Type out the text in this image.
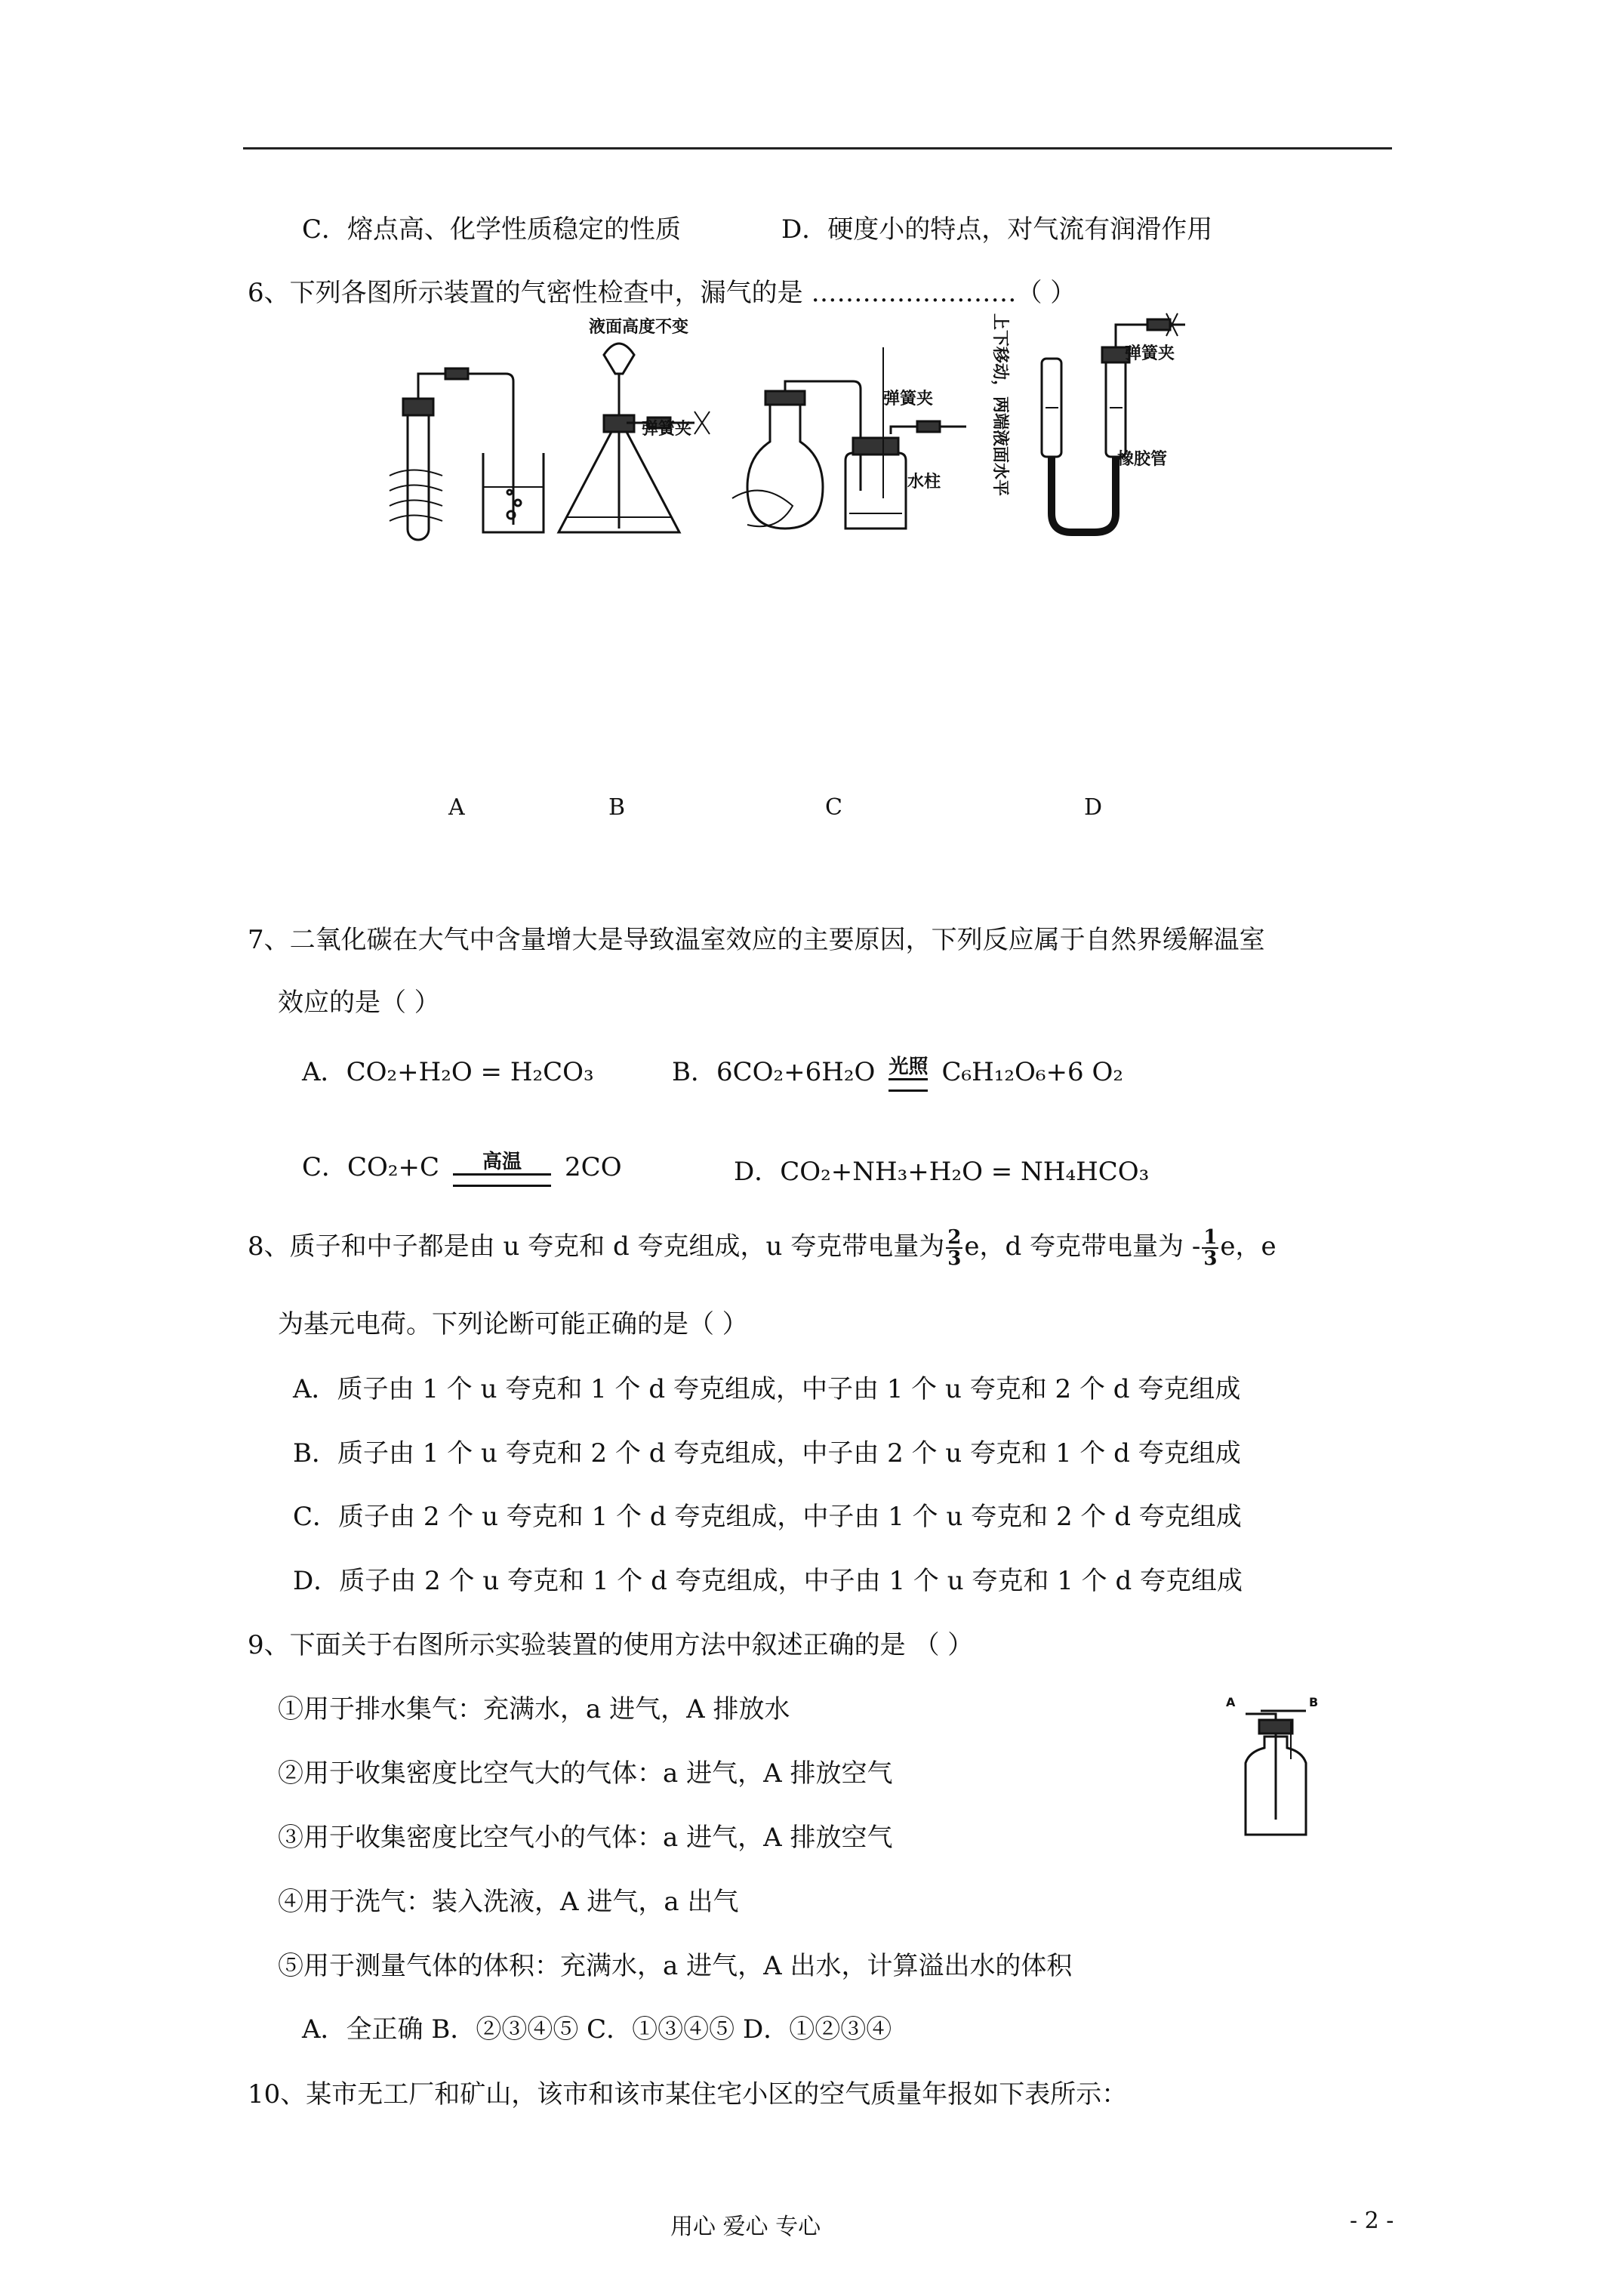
C．熔点高、化学性质稳定的性质	D．硬度小的特点，对气流有润滑作用
6、下列各图所示装置的气密性检查中，漏气的是 ……………………（ ）
液面高度不变
弹簧夹
弹簧夹
水柱
弹簧夹
橡胶管
上下移动，两端液面水平
A	B	C	D
7、二氧化碳在大气中含量增大是导致温室效应的主要原因，下列反应属于自然界缓解温室
效应的是（ ）
A．CO₂+H₂O = H₂CO₃	B．6CO₂+6H₂O 光照 C₆H₁₂O₆+6 O₂
C．CO₂+C	高温	2CO	D．CO₂+NH₃+H₂O = NH₄HCO₃
8、质子和中子都是由 u 夸克和 d 夸克组成，u 夸克带电量为 $\frac{2}{3}$ e，d 夸克带电量为 - $\frac{1}{3}$ e，e
为基元电荷。下列论断可能正确的是（ ）
A．质子由 1 个 u 夸克和 1 个 d 夸克组成，中子由 1 个 u 夸克和 2 个 d 夸克组成
B．质子由 1 个 u 夸克和 2 个 d 夸克组成，中子由 2 个 u 夸克和 1 个 d 夸克组成
C．质子由 2 个 u 夸克和 1 个 d 夸克组成，中子由 1 个 u 夸克和 2 个 d 夸克组成
D．质子由 2 个 u 夸克和 1 个 d 夸克组成，中子由 1 个 u 夸克和 1 个 d 夸克组成
9、下面关于右图所示实验装置的使用方法中叙述正确的是 （ ）
①用于排水集气：充满水，a 进气，A 排放水
②用于收集密度比空气大的气体：a 进气，A 排放空气
③用于收集密度比空气小的气体：a 进气，A 排放空气
④用于洗气：装入洗液，A 进气，a 出气
⑤用于测量气体的体积：充满水，a 进气，A 出水，计算溢出水的体积
A．全正确 B．②③④⑤ C．①③④⑤ D．①②③④
A	B
10、某市无工厂和矿山，该市和该市某住宅小区的空气质量年报如下表所示：
用心 爱心 专心	- 2 -
